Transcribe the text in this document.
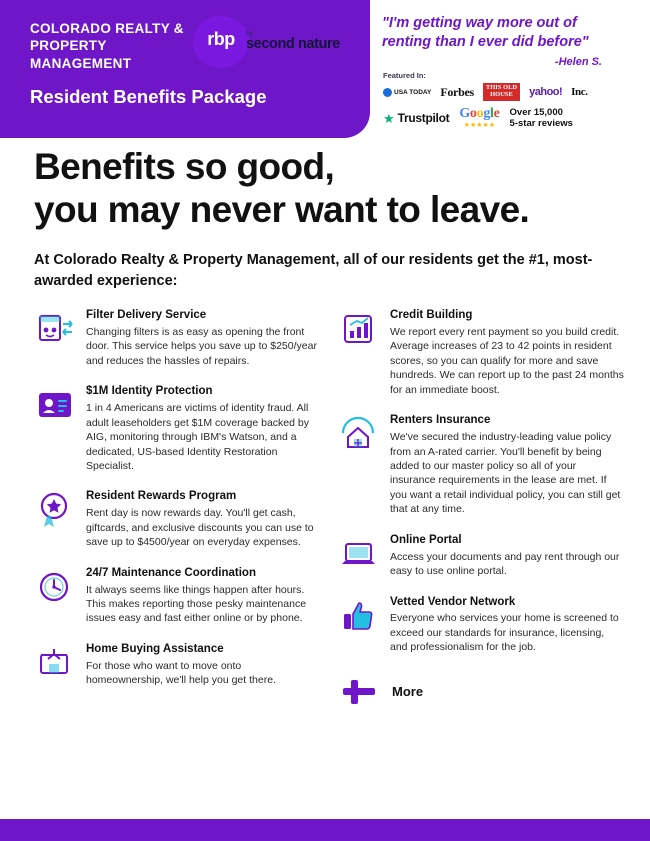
COLORADO REALTY & PROPERTY MANAGEMENT
rbp	by
second nature
Resident Benefits Package
"I'm getting way more out of renting than I ever did before"
-Helen S.
Featured In:
USA TODAY Forbes THIS OLD
HOUSE	yahoo! Inc.
★ Trustpilot Google
★★★★★
Over 15,000
5-star reviews
Benefits so good,
you may never want to leave.
At Colorado Realty & Property Management, all of our residents get the #1, most-awarded experience:

Filter Delivery Service

Changing filters is as easy as opening the front door. This service helps you save up to $250/year and reduces the hassles of repairs.

$1M Identity Protection

1 in 4 Americans are victims of identity fraud. All adult leaseholders get $1M coverage backed by AIG, monitoring through IBM's Watson, and a dedicated, US-based Identity Restoration Specialist.

Resident Rewards Program

Rent day is now rewards day. You'll get cash, giftcards, and exclusive discounts you can use to save up to $4500/year on everyday expenses.

24/7 Maintenance Coordination

It always seems like things happen after hours. This makes reporting those pesky maintenance issues easy and fast either online or by phone.

Home Buying Assistance

For those who want to move onto homeownership, we'll help you get there.

Credit Building

We report every rent payment so you build credit. Average increases of 23 to 42 points in resident scores, so you can qualify for more and save hundreds. We can report up to the past 24 months for an immediate boost.

Renters Insurance

We've secured the industry-leading value policy from an A-rated carrier. You'll benefit by being added to our master policy so all of your insurance requirements in the lease are met. If you want a retail individual policy, you can still get that at any time.

Online Portal

Access your documents and pay rent through our easy to use online portal.

Vetted Vendor Network

Everyone who services your home is screened to exceed our standards for insurance, licensing, and professionalism for the job.

More
